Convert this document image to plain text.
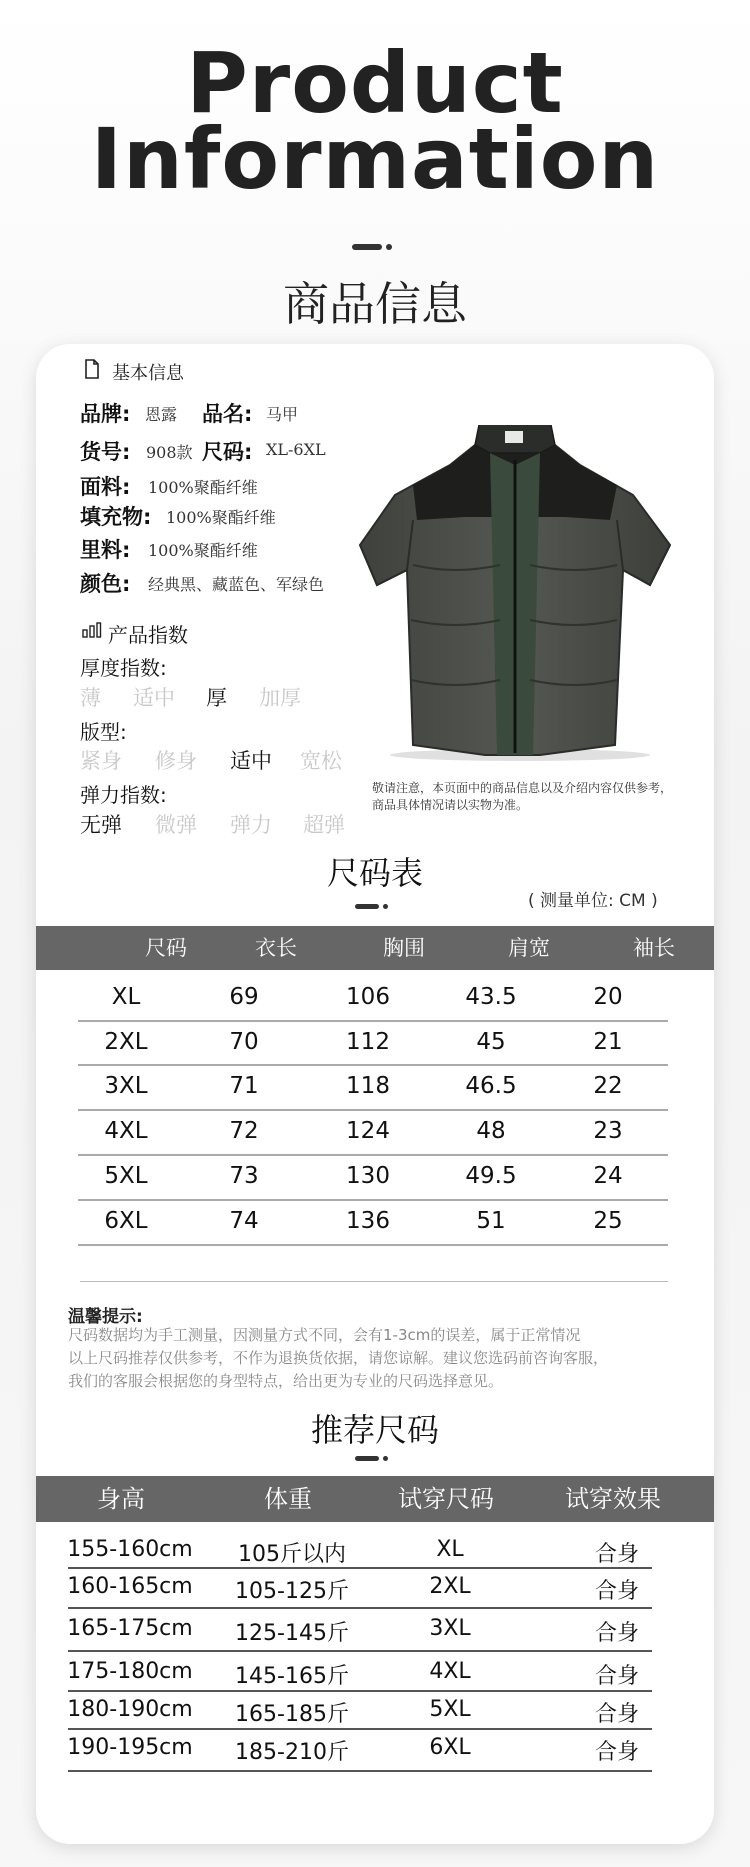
Product
Information
商品信息
基本信息
品牌: 恩露 品名: 马甲
货号: 908款 尺码: XL-6XL
面料: 100%聚酯纤维
填充物: 100%聚酯纤维
里料: 100%聚酯纤维
颜色: 经典黑、藏蓝色、军绿色
产品指数
厚度指数:
薄 适中 厚 加厚
版型:
紧身 修身 适中 宽松
弹力指数:
无弹 微弹 弹力 超弹
敬请注意，本页面中的商品信息以及介绍内容仅供参考，
商品具体情况请以实物为准。
尺码表
( 测量单位: CM )
尺码	衣长	胸围	肩宽	袖长
XL	69	106	43.5	20
2XL	70	112	45	21
3XL	71	118	46.5	22
4XL	72	124	48	23
5XL	73	130	49.5	24
6XL	74	136	51	25
温馨提示:
尺码数据均为手工测量，因测量方式不同，会有1-3cm的误差，属于正常情况
以上尺码推荐仅供参考，不作为退换货依据，请您谅解。建议您选码前咨询客服，
我们的客服会根据您的身型特点，给出更为专业的尺码选择意见。
推荐尺码
身高	体重	试穿尺码	试穿效果
155-160cm	105斤以内	XL	合身
160-165cm	105-125斤	2XL	合身
165-175cm	125-145斤	3XL	合身
175-180cm	145-165斤	4XL	合身
180-190cm	165-185斤	5XL	合身
190-195cm	185-210斤	6XL	合身
